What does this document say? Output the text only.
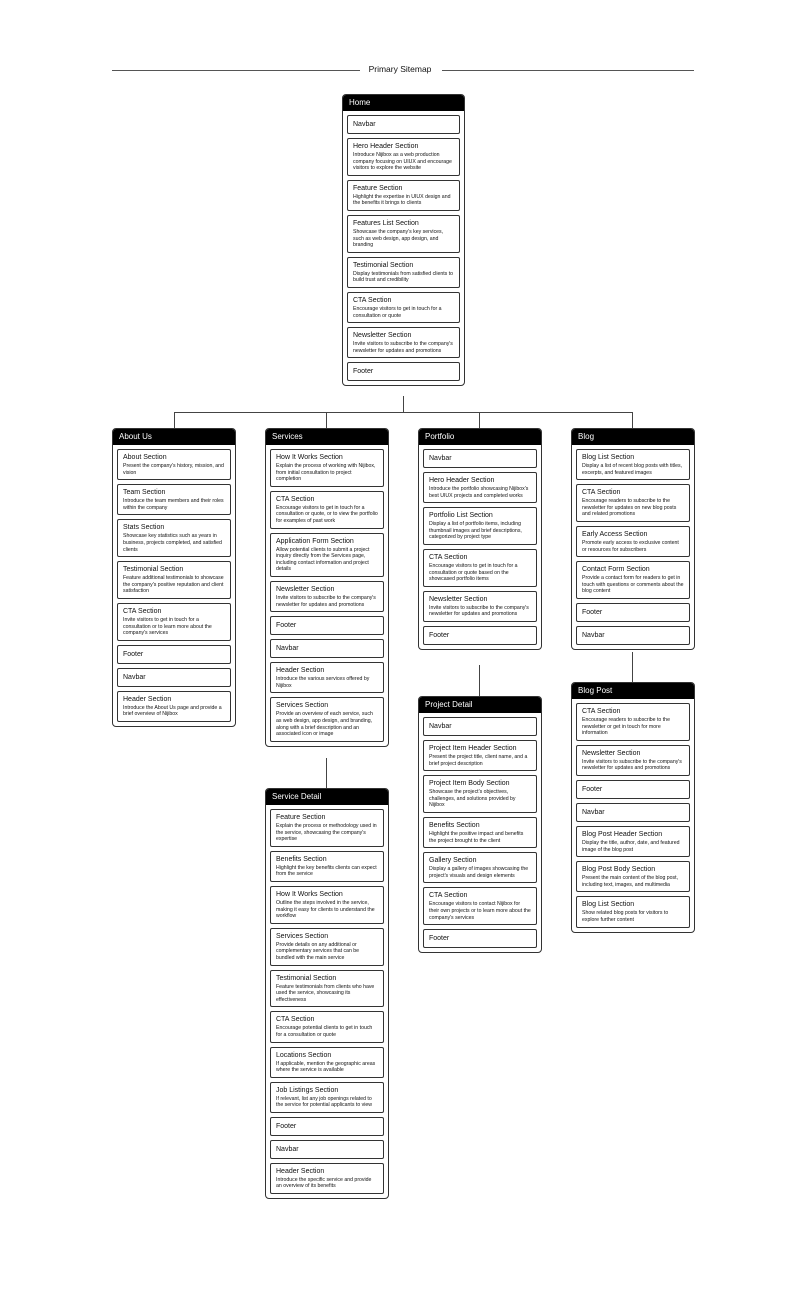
Primary Sitemap
Home
Navbar
Hero Header Section
Introduce Nijibox as a web production company focusing on UIUX and encourage visitors to explore the website
Feature Section
Highlight the expertise in UIUX design and the benefits it brings to clients
Features List Section
Showcase the company's key services, such as web design, app design, and branding
Testimonial Section
Display testimonials from satisfied clients to build trust and credibility
CTA Section
Encourage visitors to get in touch for a consultation or quote
Newsletter Section
Invite visitors to subscribe to the company's newsletter for updates and promotions
Footer
About Us
About Section
Present the company's history, mission, and vision
Team Section
Introduce the team members and their roles within the company
Stats Section
Showcase key statistics such as years in business, projects completed, and satisfied clients
Testimonial Section
Feature additional testimonials to showcase the company's positive reputation and client satisfaction
CTA Section
Invite visitors to get in touch for a consultation or to learn more about the company's services
Footer
Navbar
Header Section
Introduce the About Us page and provide a brief overview of Nijibox
Services
How It Works Section
Explain the process of working with Nijibox, from initial consultation to project completion
CTA Section
Encourage visitors to get in touch for a consultation or quote, or to view the portfolio for examples of past work
Application Form Section
Allow potential clients to submit a project inquiry directly from the Services page, including contact information and project details
Newsletter Section
Invite visitors to subscribe to the company's newsletter for updates and promotions
Footer
Navbar
Header Section
Introduce the various services offered by Nijibox
Services Section
Provide an overview of each service, such as web design, app design, and branding, along with a brief description and an associated icon or image
Portfolio
Navbar
Hero Header Section
Introduce the portfolio showcasing Nijibox's best UIUX projects and completed works
Portfolio List Section
Display a list of portfolio items, including thumbnail images and brief descriptions, categorized by project type
CTA Section
Encourage visitors to get in touch for a consultation or quote based on the showcased portfolio items
Newsletter Section
Invite visitors to subscribe to the company's newsletter for updates and promotions
Footer
Blog
Blog List Section
Display a list of recent blog posts with titles, excerpts, and featured images
CTA Section
Encourage readers to subscribe to the newsletter for updates on new blog posts and related promotions
Early Access Section
Promote early access to exclusive content or resources for subscribers
Contact Form Section
Provide a contact form for readers to get in touch with questions or comments about the blog content
Footer
Navbar
Project Detail
Navbar
Project Item Header Section
Present the project title, client name, and a brief project description
Project Item Body Section
Showcase the project's objectives, challenges, and solutions provided by Nijibox
Benefits Section
Highlight the positive impact and benefits the project brought to the client
Gallery Section
Display a gallery of images showcasing the project's visuals and design elements
CTA Section
Encourage visitors to contact Nijibox for their own projects or to learn more about the company's services
Footer
Blog Post
CTA Section
Encourage readers to subscribe to the newsletter or get in touch for more information
Newsletter Section
Invite visitors to subscribe to the company's newsletter for updates and promotions
Footer
Navbar
Blog Post Header Section
Display the title, author, date, and featured image of the blog post
Blog Post Body Section
Present the main content of the blog post, including text, images, and multimedia
Blog List Section
Show related blog posts for visitors to explore further content
Service Detail
Feature Section
Explain the process or methodology used in the service, showcasing the company's expertise
Benefits Section
Highlight the key benefits clients can expect from the service
How It Works Section
Outline the steps involved in the service, making it easy for clients to understand the workflow
Services Section
Provide details on any additional or complementary services that can be bundled with the main service
Testimonial Section
Feature testimonials from clients who have used the service, showcasing its effectiveness
CTA Section
Encourage potential clients to get in touch for a consultation or quote
Locations Section
If applicable, mention the geographic areas where the service is available
Job Listings Section
If relevant, list any job openings related to the service for potential applicants to view
Footer
Navbar
Header Section
Introduce the specific service and provide an overview of its benefits
